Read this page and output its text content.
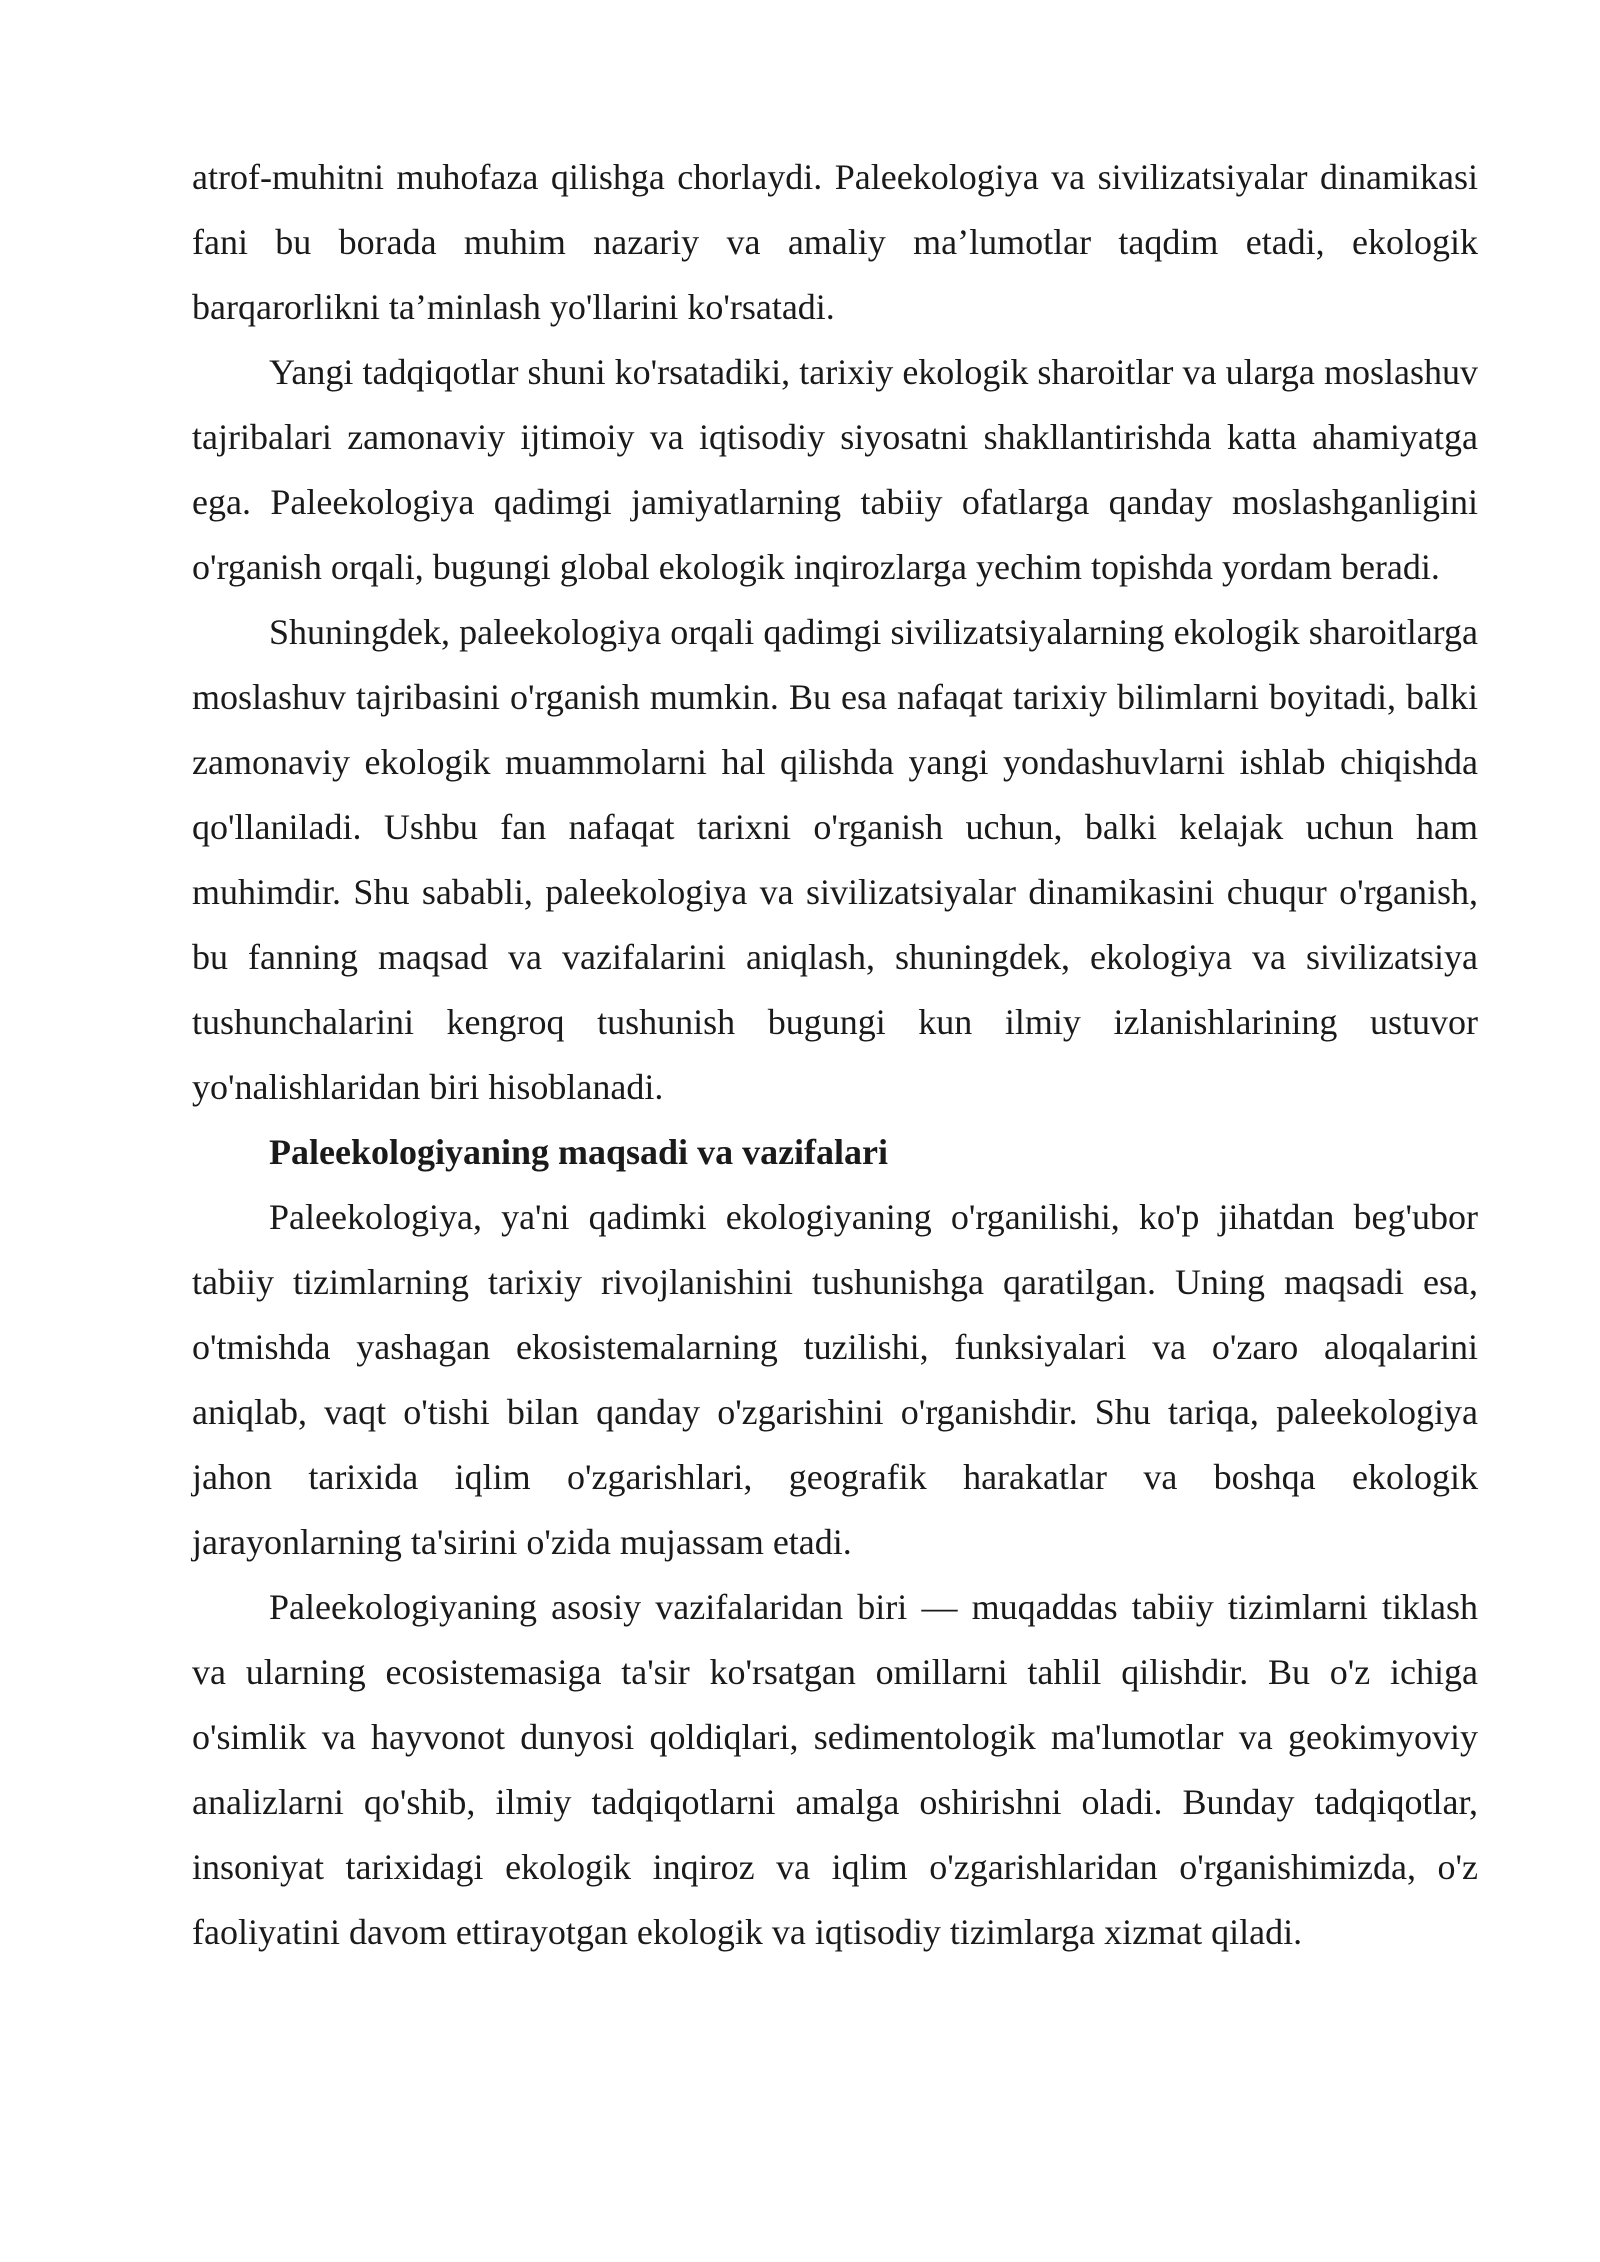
atrof-muhitni muhofaza qilishga chorlaydi. Paleekologiya va sivilizatsiyalar dinamikasi fani bu borada muhim nazariy va amaliy ma’lumotlar taqdim etadi, ekologik barqarorlikni ta’minlash yo'llarini ko'rsatadi.

Yangi tadqiqotlar shuni ko'rsatadiki, tarixiy ekologik sharoitlar va ularga moslashuv tajribalari zamonaviy ijtimoiy va iqtisodiy siyosatni shakllantirishda katta ahamiyatga ega. Paleekologiya qadimgi jamiyatlarning tabiiy ofatlarga qanday moslashganligini o'rganish orqali, bugungi global ekologik inqirozlarga yechim topishda yordam beradi.

Shuningdek, paleekologiya orqali qadimgi sivilizatsiyalarning ekologik sharoitlarga moslashuv tajribasini o'rganish mumkin. Bu esa nafaqat tarixiy bilimlarni boyitadi, balki zamonaviy ekologik muammolarni hal qilishda yangi yondashuvlarni ishlab chiqishda qo'llaniladi. Ushbu fan nafaqat tarixni o'rganish uchun, balki kelajak uchun ham muhimdir. Shu sababli, paleekologiya va sivilizatsiyalar dinamikasini chuqur o'rganish, bu fanning maqsad va vazifalarini aniqlash, shuningdek, ekologiya va sivilizatsiya tushunchalarini kengroq tushunish bugungi kun ilmiy izlanishlarining ustuvor yo'nalishlaridan biri hisoblanadi.

Paleekologiyaning maqsadi va vazifalari

Paleekologiya, ya'ni qadimki ekologiyaning o'rganilishi, ko'p jihatdan beg'ubor tabiiy tizimlarning tarixiy rivojlanishini tushunishga qaratilgan. Uning maqsadi esa, o'tmishda yashagan ekosistemalarning tuzilishi, funksiyalari va o'zaro aloqalarini aniqlab, vaqt o'tishi bilan qanday o'zgarishini o'rganishdir. Shu tariqa, paleekologiya jahon tarixida iqlim o'zgarishlari, geografik harakatlar va boshqa ekologik jarayonlarning ta'sirini o'zida mujassam etadi.

Paleekologiyaning asosiy vazifalaridan biri — muqaddas tabiiy tizimlarni tiklash va ularning ecosistemasiga ta'sir ko'rsatgan omillarni tahlil qilishdir. Bu o'z ichiga o'simlik va hayvonot dunyosi qoldiqlari, sedimentologik ma'lumotlar va geokimyoviy analizlarni qo'shib, ilmiy tadqiqotlarni amalga oshirishni oladi. Bunday tadqiqotlar, insoniyat tarixidagi ekologik inqiroz va iqlim o'zgarishlaridan o'rganishimizda, o'z faoliyatini davom ettirayotgan ekologik va iqtisodiy tizimlarga xizmat qiladi.
